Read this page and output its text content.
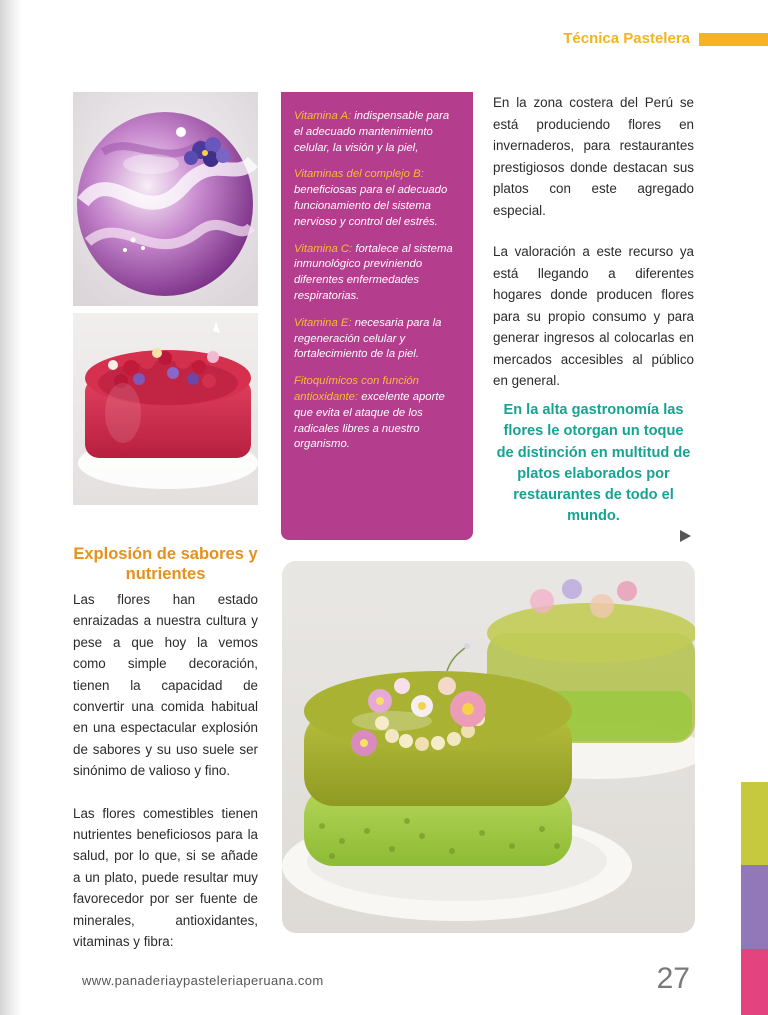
Técnica Pastelera
Vitamina A: indispensable para el adecuado mantenimiento celular, la visión y la piel,
Vitaminas del complejo B: beneficiosas para el adecuado funcionamiento del sistema nervioso y control del estrés.
Vitamina C: fortalece al sistema inmunológico previniendo diferentes enfermedades respiratorias.
Vitamina E: necesaria para la regeneración celular y fortalecimiento de la piel.
Fitoquímicos con función antioxidante: excelente aporte que evita el ataque de los radicales libres a nuestro organismo.

En la zona costera del Perú se está produciendo flores en invernaderos, para restaurantes prestigiosos donde destacan sus platos con este agregado especial.

La valoración a este recurso ya está llegando a diferentes hogares donde producen flores para su propio consumo y para generar ingresos al colocarlas en mercados accesibles al público en general.

En la alta gastronomía las flores le otorgan un toque de distinción en multitud de platos elaborados por restaurantes de todo el mundo.
Explosión de sabores y nutrientes

Las flores han estado enraizadas a nuestra cultura y pese a que hoy la vemos como simple decoración, tienen la capacidad de convertir una comida habitual en una espectacular explosión de sabores y su uso suele ser sinónimo de valioso y fino.

Las flores comestibles tienen nutrientes beneficiosos para la salud, por lo que, si se añade a un plato, puede resultar muy favorecedor por ser fuente de minerales, antioxidantes, vitaminas y fibra:

www.panaderiaypasteleriaperuana.com	27
